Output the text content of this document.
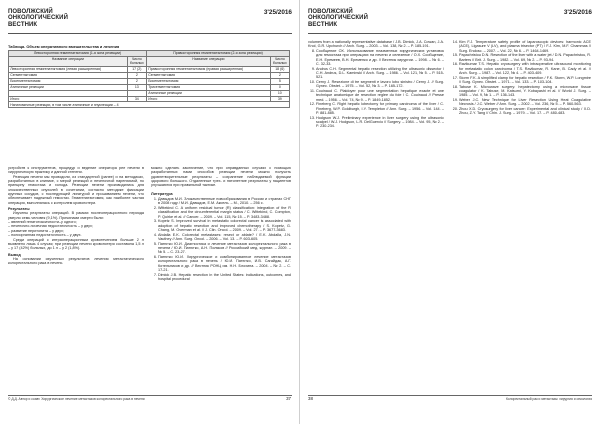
ПОВОЛЖСКИЙ
ОНКОЛОГИЧЕСКИЙ
ВЕСТНИК
3'25/2016
Таблица. Объем оперативного вмешательства и лечения
Левосторонняя гемигепатэктомия (1-я зона резекции)		Правосторонняя гемигепатэктомия (2-я зона резекции)	
Название операции	Число больных	Название операции	Число больных
Левосторонняя гемигепатэктомия (левая расширенная)	17 (2)	Правосторонняя гемигепатэктомия (правая расширенная)	18 (6)
Сегментэктомия	2	Сегментэктомия	2
Бисегментэктомия	2	Бисегментэктомия	5
Атипичные резекции	13	Трисегментэктомия	0
		Атипичные резекции	10
Итого	34	Итого	39
Нанатомичные резекции, в том числе атипичные и энуклеации – 4			

устройств к инструментов, процедур и ведение оператора рее печени в хирургическую практику и данной степени.

Резекция печени мы проводили, из стандартной (ранее) и на методиках, разработанных в клинике, с мерой резекций и печеночной паренхимой, по принципу гемостаза и холода. Резекции печени производились для злокачественных опухолей в сочетании, согласно методике фиксации крупных сосудов, с последующей лигатурой и прошиванием печени, что обеспечивает надежный гемостаз. Гемигепатэктомия, как наиболее частая операция, выполнялась с контролем кровопотери.

Результаты

Изучены результаты операций. В рамках послеоперационного периода умерло семь человек (9,1%). Причинами смерти были:

– явлений гепатотоксичности–у одного;

– печеночно-почечная недостаточность – у двух;

– развитие перитонита – у двух;

– полиорганная недостаточность – у двух.

Среди операций с интраоперационным кровотечением больше 2 л выявлено лишь 4 случая; при резекции печени кровопотеря составила 1,5 л – у 17 (42%) больных, до 1 л – у 2 (1,8%).

Вывод

На основании изученных результатов лечения метастатического колоректального рака в печень

можно сделать заключение, что при оправданных случаях с помощью разработанных нами способов резекции печени можно получить удовлетворительные результаты – сохранение наблюдаемой функции здорового большого. Отдаленные трех- и пятилетние результаты у пациентов улучшаются при правильной тактике.

Литература

1. Давыдов М.И. Злокачественные новообразования в России и странах СНГ в 2008 году / М.И. Давыдов, Е.М. Аксель. – М., 2010. – 256 с.
2. Wittekind C. A uniform residual tumor (R) classification: integration of the R classification and the circumferential margin status / C. Wittekind, C. Compton, P. Quirke et al. // Cancer. – 2009. – Vol. 115, № 15. – P. 3483-3488.
3. Kopetz S. Improved survival in metastatic colorectal cancer is associated with adoption of hepatic resection and improved chemotherapy / S. Kopetz, G. Chang, M. Overman et al. // J. Clin. Oncol. – 2009. – Vol. 27. – P. 3677-3683.
4. Abdalla E.K. Colorectal metastases: resect or ablate? / E.K. Abdalla, J.N. Vauthey // Ann. Surg. Oncol. – 2006. – Vol. 13. – P. 603-605.
5. Патютко Ю.И. Диагностика и лечение метастазов колоректального рака в печени / Ю.И. Патютко, А.Н. Поляков // Российский мед. журнал. – 2009. – № 5. – С. 23-27.
6. Патютко Ю.И. Хирургическое и комбинированное лечение метастазов колоректального рака в печень / Ю.И. Патютко, И.В. Сагайдак, А.Г. Котельников и др. // Вестник РОНЦ им. Н.Н. Блохина. – 2004. – № 2. – С. 17-21.
7. Dimick J.B. Hepatic resection in the United States: indications, outcomes, and hospital procedural
© Д.Д. Автор и соавт. Хирургическое лечение метастазов колоректального рака в печени	37
ПОВОЛЖСКИЙ
ОНКОЛОГИЧЕСКИЙ
ВЕСТНИК
3'25/2016
volumes from a nationally representative database / J.B. Dimick, J.A. Cowan, J.A. Knol, G.R. Upchurch // Arch. Surg. – 2003. – Vol. 138, № 2. – P. 185-191.
8. Сообщение ОХ. Использование плазменных хирургических установок для гемостаза при операциях на печени и селезенке / О.Х. Сообщение, Е.Н. Еремеев, В.Н. Еременко и др. // Вестник хирургии. – 1998. – № 6. – С. 32-33.
9. Andrus C.H. Segmental hepatic resection utilizing the ultrasonic dissector / C.H. Andrus, D.L. Kaminski // Arch. Surg. – 1986. – Vol. 121, № 5. – P. 515-521.
10. Cerny J. Resezione di tre segmenti e lavoro lobo sinistro / Cerny J. // Surg. Gynec. Obstet. – 1975. – Vol. 52, № 3. – P. 165-172.
11. Couinaud C. Plaidoyer pour une segmentation hepatique exacte et une technique anatomique de resection reglee du foie / C. Couinaud // Presse med. – 1956. – Vol. 74, № 9. – P. 1849-1852.
12. Fineberg C. Right hepatic lobectomy for primary carcinoma of the liver / C. Fineberg, W.P. Goldburgh, I.Y. Templeton // Ann. Surg. – 1956. – Vol. 144. – P. 881-885.
13. Hodgson W.J. Preliminary experience in liver surgery using the ultrasonic scalpel / W.J. Hodgson, L.R. DelGuercio // Surgery. – 1984. – Vol. 95, № 2. – P. 230-234.
14. Kim F.J. Temperature safety profile of laparoscopic devices: harmonic ACE (ACE), Ligasure V (LV), and plasma trisector (PT) / F.J. Kim, M.F. Chammas // Surg. Endosc. – 2007. – Vol. 22, № 6. – P. 1464-1469.
15. Papachristou D.N. Resection of the liver with a water jet / D.N. Papachristou, R. Barters // Brit. J. Surg. – 1982. – Vol. 69, № 2. – P. 93-94.
16. Ravikumar T.S. Hepatic cryosurgery with intraoperative ultrasound monitoring for metastatic colon carcinoma / T.S. Ravikumar, R. Kane, B. Cady et al. // Arch. Surg. – 1987. – Vol. 122, № 4. – P. 403-409.
17. Storm F.K. A simplified clamp for hepatic resection / F.K. Storm, W.P. Longmire // Surg. Gynec. Obstet. – 1971. – Vol. 133. – P. 103-104.
18. Tabuse K. Microwave surgery: hepatectomy using a microwave tissue coagulator / K. Tabuse, M. Katsumi, Y. Kobayashi et al. // World J. Surg. – 1985. – Vol. 9, № 1. – P. 136-143.
19. Weber J.C. New Technique for Liver Resection Using Heat Coagulative Necrosis / J.C. Weber // Ann. Surg. – 2002. – Vol. 236, № 5. – P. 560-563.
20. Zhou X.D. Cryosurgery for liver cancer: Experimental and clinical study / X.D. Zhou, Z.Y. Tang // Chin. J. Surg. – 1979. – Vol. 17. – P. 480-483.
38	Колоректальный рак и метастазы: хирургия и онкология
